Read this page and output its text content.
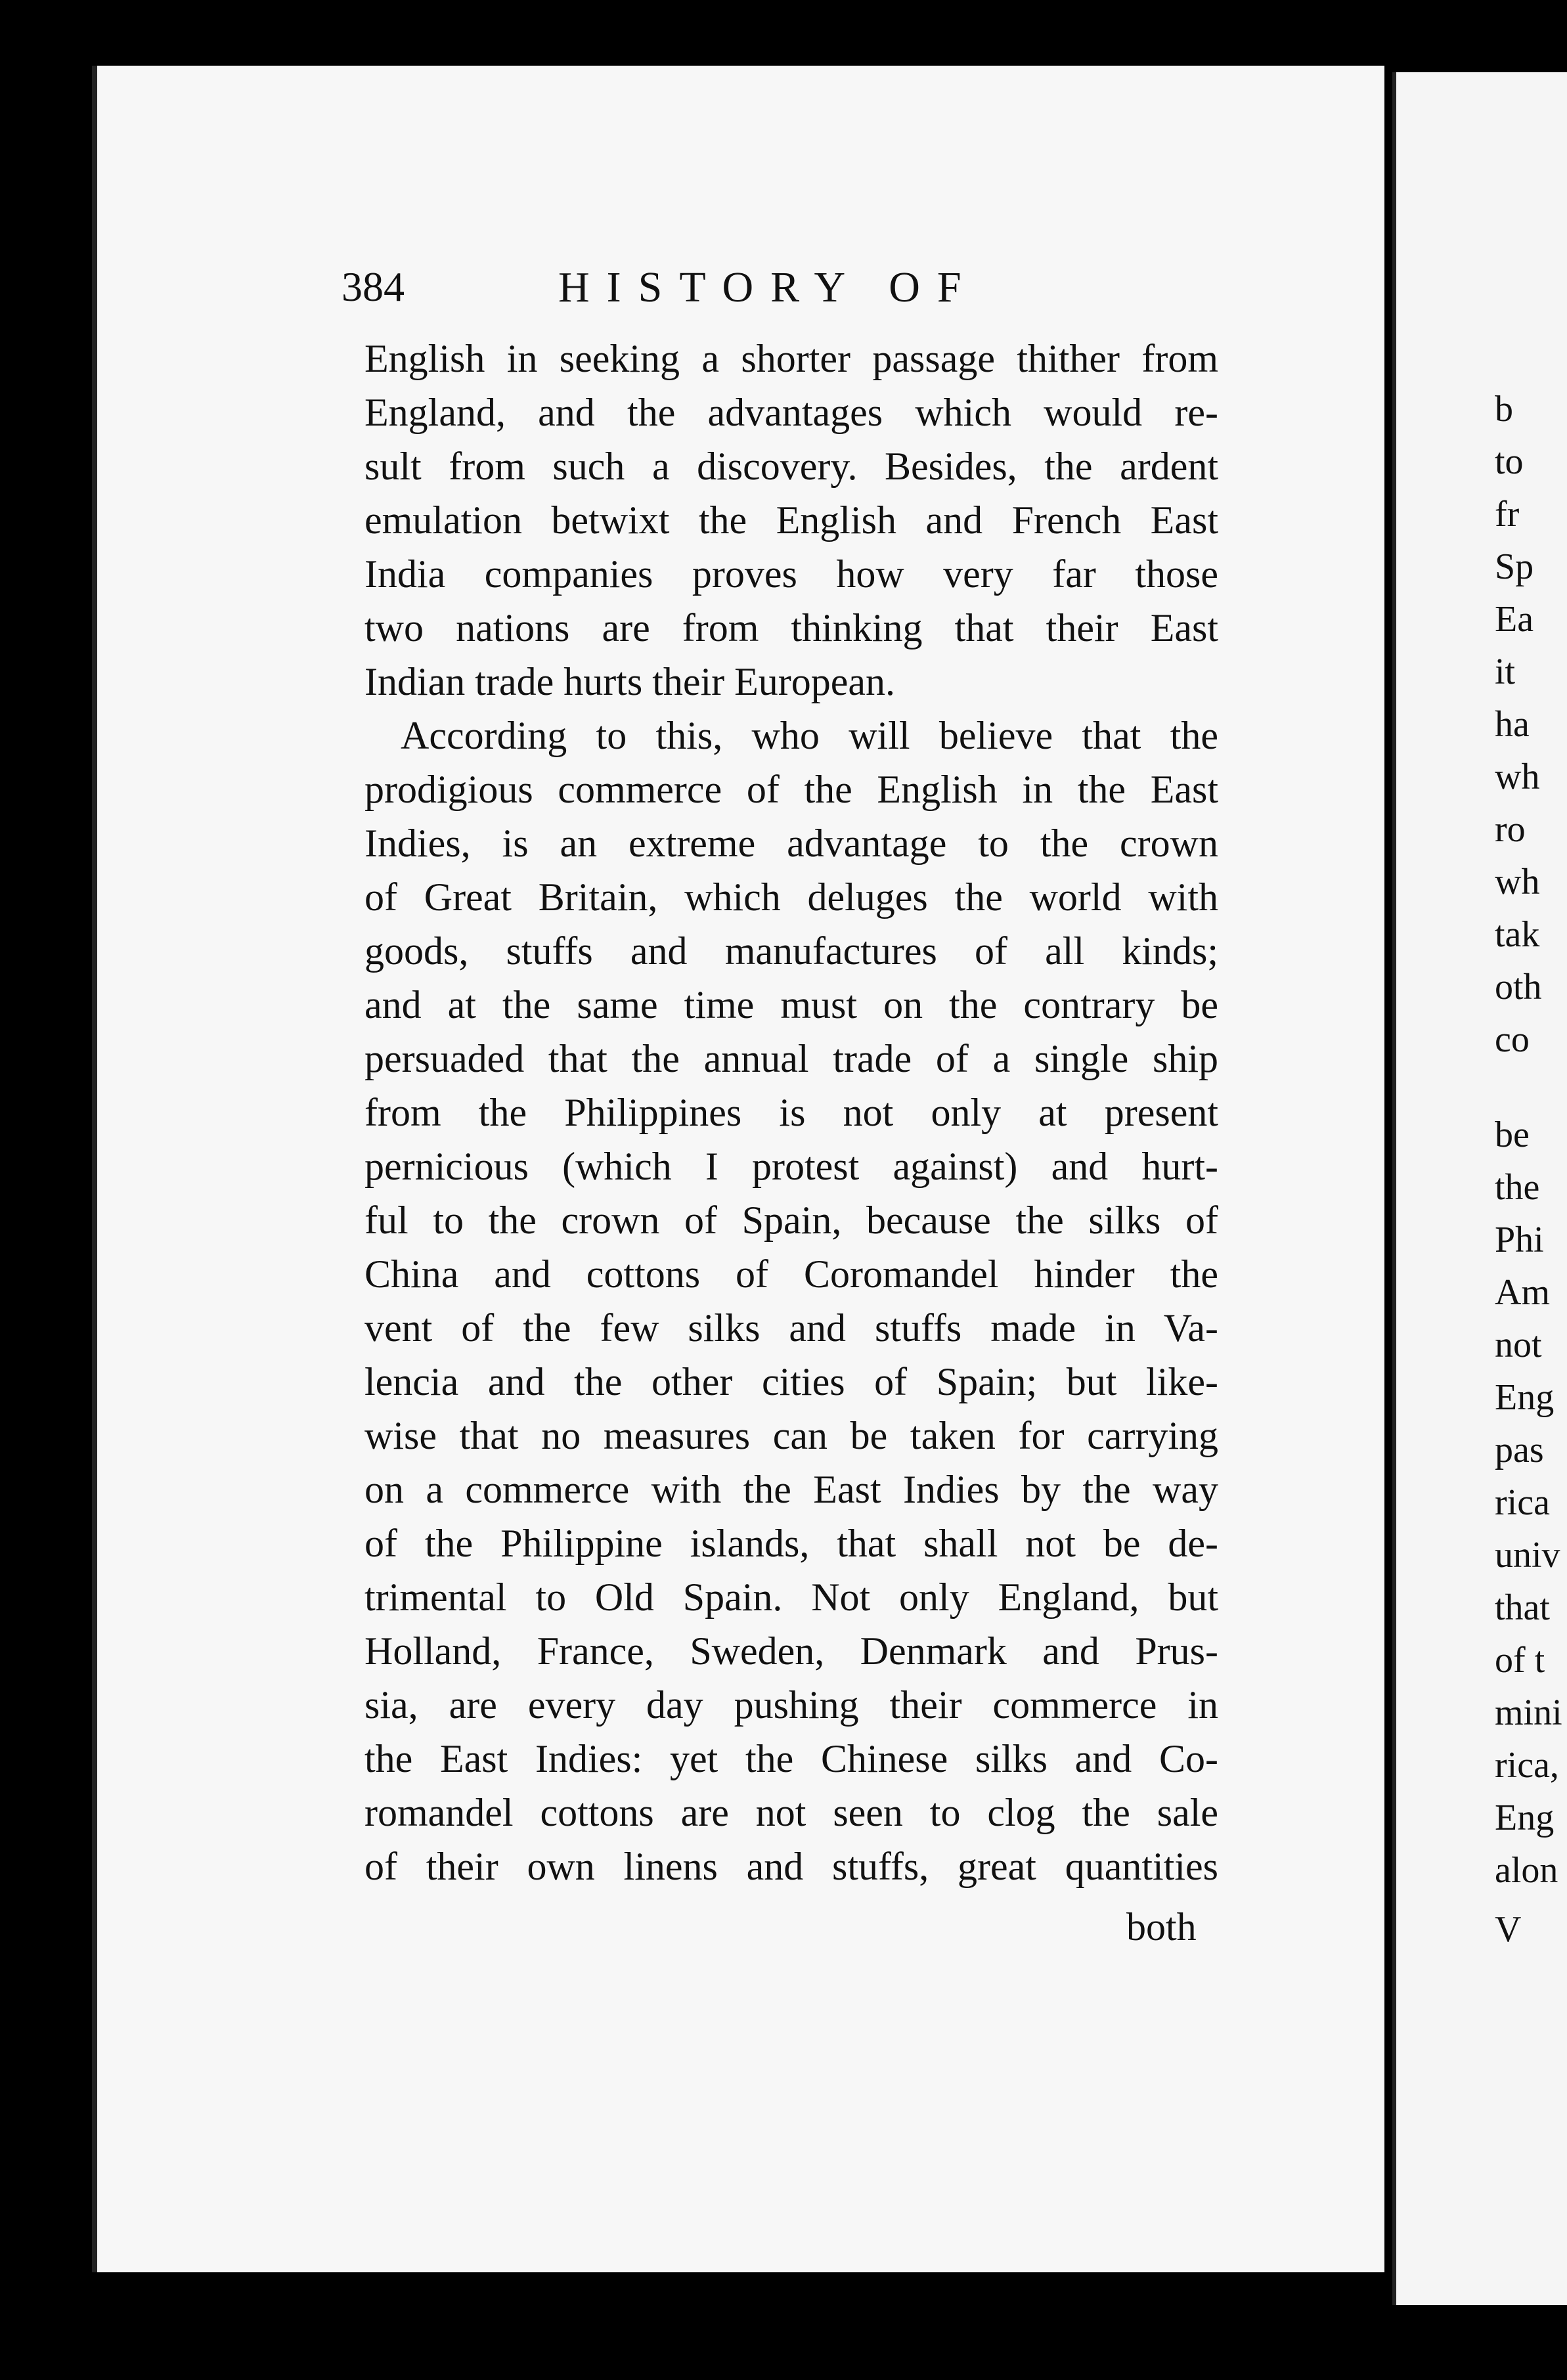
384	HISTORY OF
English in seeking a shorter passage thither from
England, and the advantages which would re-
sult from such a discovery. Besides, the ardent
emulation betwixt the English and French East
India companies proves how very far those
two nations are from thinking that their East
Indian trade hurts their European.
According to this, who will believe that the
prodigious commerce of the English in the East
Indies, is an extreme advantage to the crown
of Great Britain, which deluges the world with
goods, stuffs and manufactures of all kinds;
and at the same time must on the contrary be
persuaded that the annual trade of a single ship
from the Philippines is not only at present
pernicious (which I protest against) and hurt-
ful to the crown of Spain, because the silks of
China and cottons of Coromandel hinder the
vent of the few silks and stuffs made in Va-
lencia and the other cities of Spain; but like-
wise that no measures can be taken for carrying
on a commerce with the East Indies by the way
of the Philippine islands, that shall not be de-
trimental to Old Spain. Not only England, but
Holland, France, Sweden, Denmark and Prus-
sia, are every day pushing their commerce in
the East Indies: yet the Chinese silks and Co-
romandel cottons are not seen to clog the sale
of their own linens and stuffs, great quantities
both
b
to
fr
Sp
Ea
it
ha
wh
ro
wh
tak
oth
co
be
the
Phi
Am
not
Eng
pas
rica
univ
that
of t
mini
rica,
Eng
alon
V
